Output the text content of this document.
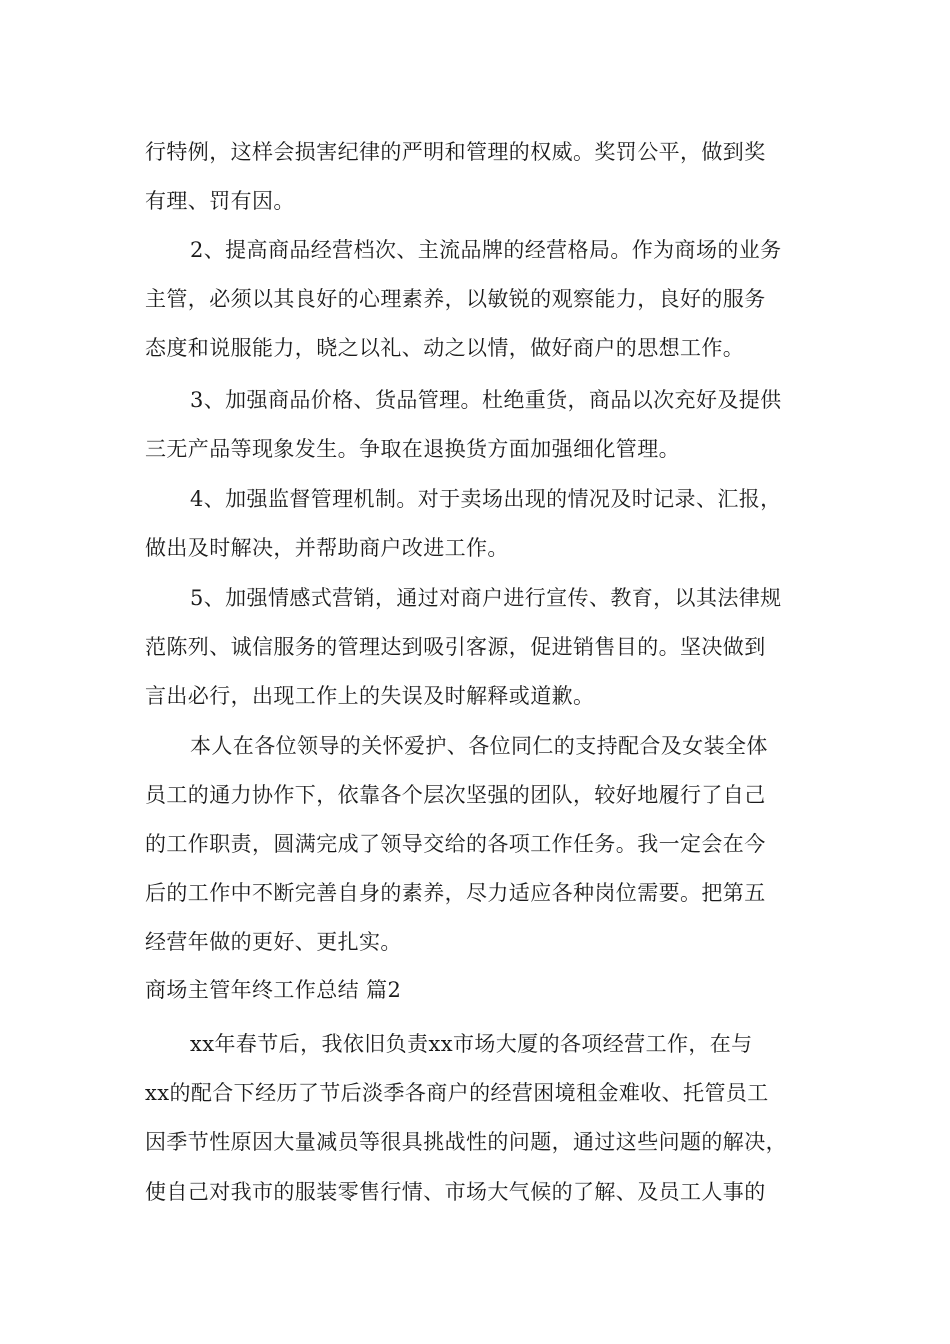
行特例，这样会损害纪律的严明和管理的权威。奖罚公平，做到奖
有理、罚有因。
2、提高商品经营档次、主流品牌的经营格局。作为商场的业务
主管，必须以其良好的心理素养，以敏锐的观察能力，良好的服务
态度和说服能力，晓之以礼、动之以情，做好商户的思想工作。
3、加强商品价格、货品管理。杜绝重货，商品以次充好及提供
三无产品等现象发生。争取在退换货方面加强细化管理。
4、加强监督管理机制。对于卖场出现的情况及时记录、汇报，
做出及时解决，并帮助商户改进工作。
5、加强情感式营销，通过对商户进行宣传、教育，以其法律规
范陈列、诚信服务的管理达到吸引客源，促进销售目的。坚决做到
言出必行，出现工作上的失误及时解释或道歉。
本人在各位领导的关怀爱护、各位同仁的支持配合及女装全体
员工的通力协作下，依靠各个层次坚强的团队，较好地履行了自己
的工作职责，圆满完成了领导交给的各项工作任务。我一定会在今
后的工作中不断完善自身的素养，尽力适应各种岗位需要。把第五
经营年做的更好、更扎实。
商场主管年终工作总结 篇2
xx年春节后，我依旧负责xx市场大厦的各项经营工作，在与
xx的配合下经历了节后淡季各商户的经营困境租金难收、托管员工
因季节性原因大量减员等很具挑战性的问题，通过这些问题的解决，
使自己对我市的服装零售行情、市场大气候的了解、及员工人事的
